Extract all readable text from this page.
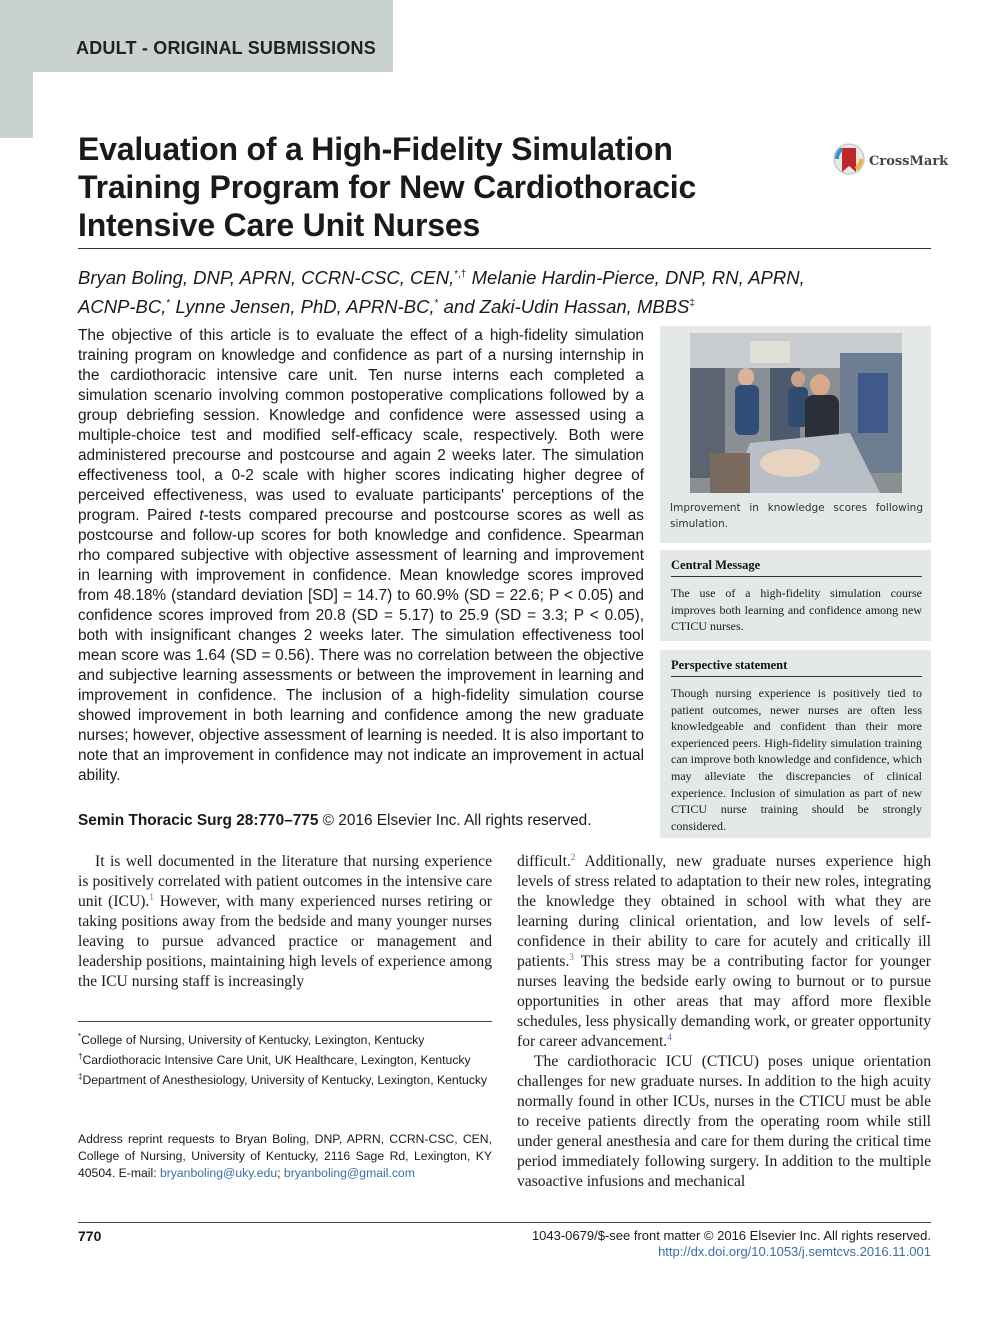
ADULT - ORIGINAL SUBMISSIONS
Evaluation of a High-Fidelity Simulation
Training Program for New Cardiothoracic
Intensive Care Unit Nurses
CrossMark
Bryan Boling, DNP, APRN, CCRN-CSC, CEN,*,† Melanie Hardin-Pierce, DNP, RN, APRN,
ACNP-BC,* Lynne Jensen, PhD, APRN-BC,* and Zaki-Udin Hassan, MBBS‡
The objective of this article is to evaluate the effect of a high-fidelity simulation training program on knowledge and confidence as part of a nursing internship in the cardiothoracic intensive care unit. Ten nurse interns each completed a simulation scenario involving common postoperative complications followed by a group debriefing session. Knowledge and confidence were assessed using a multiple-choice test and modified self-efficacy scale, respectively. Both were administered precourse and postcourse and again 2 weeks later. The simulation effectiveness tool, a 0-2 scale with higher scores indicating higher degree of perceived effectiveness, was used to evaluate participants' perceptions of the program. Paired t-tests compared precourse and postcourse scores as well as postcourse and follow-up scores for both knowledge and confidence. Spearman rho compared subjective with objective assessment of learning and improvement in learning with improvement in confidence. Mean knowledge scores improved from 48.18% (standard deviation [SD] = 14.7) to 60.9% (SD = 22.6; P < 0.05) and confidence scores improved from 20.8 (SD = 5.17) to 25.9 (SD = 3.3; P < 0.05), both with insignificant changes 2 weeks later. The simulation effectiveness tool mean score was 1.64 (SD = 0.56). There was no correlation between the objective and subjective learning assessments or between the improvement in learning and improvement in confidence. The inclusion of a high-fidelity simulation course showed improvement in both learning and confidence among the new graduate nurses; however, objective assessment of learning is needed. It is also important to note that an improvement in confidence may not indicate an improvement in actual ability.
Semin Thoracic Surg 28:770–775 © 2016 Elsevier Inc. All rights reserved.
Improvement in knowledge scores following simulation.
Central Message
The use of a high-fidelity simulation course improves both learning and confidence among new CTICU nurses.
Perspective statement
Though nursing experience is positively tied to patient outcomes, newer nurses are often less knowledgeable and confident than their more experienced peers. High-fidelity simulation training can improve both knowledge and confidence, which may alleviate the discrepancies of clinical experience. Inclusion of simulation as part of new CTICU nurse training should be strongly considered.

It is well documented in the literature that nursing experience is positively correlated with patient outcomes in the intensive care unit (ICU).$^1$ However, with many experienced nurses retiring or taking positions away from the bedside and many younger nurses leaving to pursue advanced practice or management and leadership positions, maintaining high levels of experience among the ICU nursing staff is increasingly

*College of Nursing, University of Kentucky, Lexington, Kentucky

†Cardiothoracic Intensive Care Unit, UK Healthcare, Lexington, Kentucky

‡Department of Anesthesiology, University of Kentucky, Lexington, Kentucky

Address reprint requests to Bryan Boling, DNP, APRN, CCRN-CSC, CEN, College of Nursing, University of Kentucky, 2116 Sage Rd, Lexington, KY 40504. E-mail: bryanboling@uky.edu; bryanboling@gmail.com

difficult.$^2$ Additionally, new graduate nurses experience high levels of stress related to adaptation to their new roles, integrating the knowledge they obtained in school with what they are learning during clinical orientation, and low levels of self-confidence in their ability to care for acutely and critically ill patients.$^3$ This stress may be a contributing factor for younger nurses leaving the bedside early owing to burnout or to pursue opportunities in other areas that may afford more flexible schedules, less physically demanding work, or greater opportunity for career advancement.$^4$

The cardiothoracic ICU (CTICU) poses unique orientation challenges for new graduate nurses. In addition to the high acuity normally found in other ICUs, nurses in the CTICU must be able to receive patients directly from the operating room while still under general anesthesia and care for them during the critical time period immediately following surgery. In addition to the multiple vasoactive infusions and mechanical

770	1043-0679/$-see front matter © 2016 Elsevier Inc. All rights reserved.
http://dx.doi.org/10.1053/j.semtcvs.2016.11.001
